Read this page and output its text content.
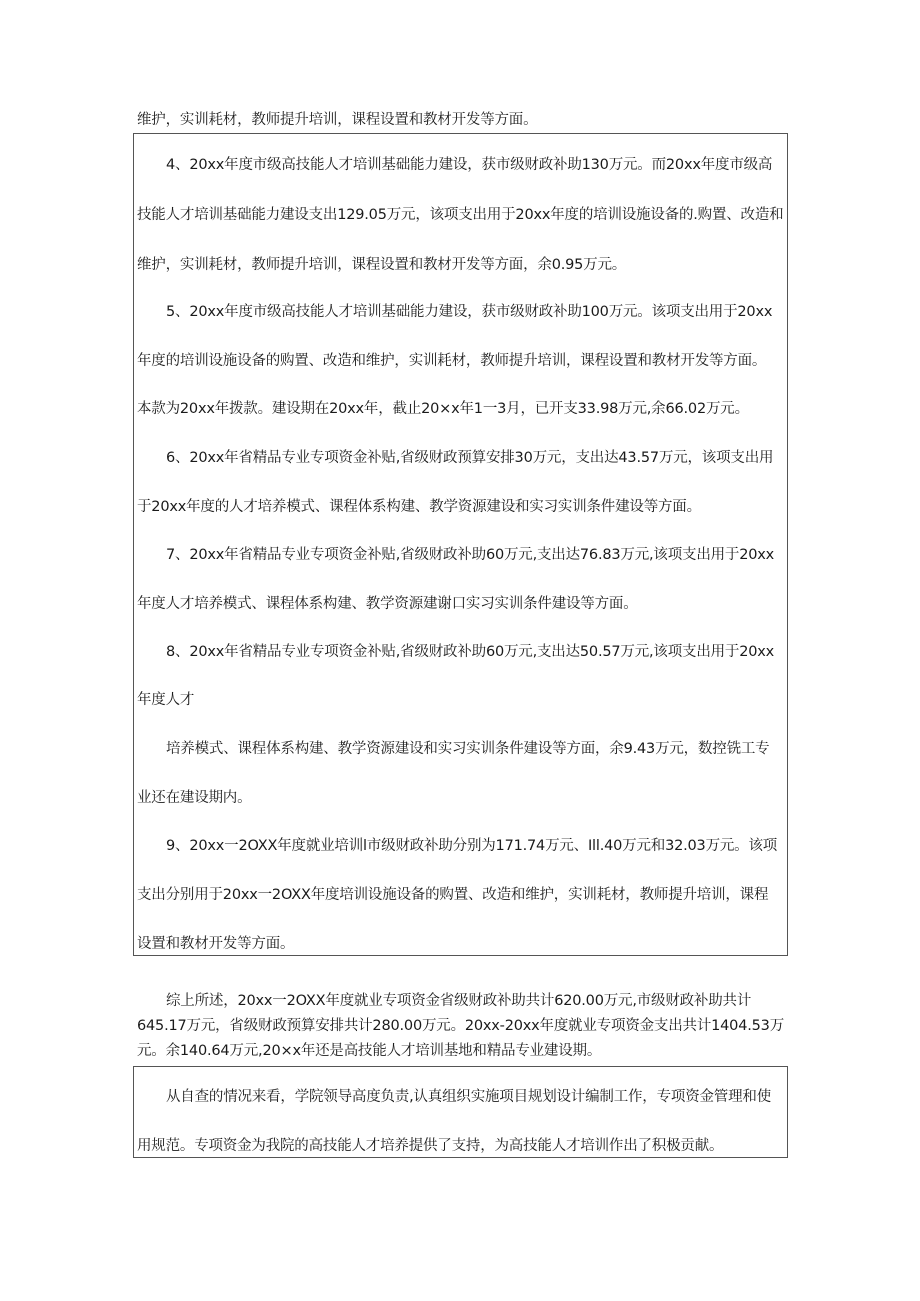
维护，实训耗材，教师提升培训，课程设置和教材开发等方面。
4、20xx年度市级高技能人才培训基础能力建设，获市级财政补助130万元。而20xx年度市级高
技能人才培训基础能力建设支出129.05万元，该项支出用于20xx年度的培训设施设备的.购置、改造和
维护，实训耗材，教师提升培训，课程设置和教材开发等方面，余0.95万元。
5、20xx年度市级高技能人才培训基础能力建设，获市级财政补助100万元。该项支出用于20xx
年度的培训设施设备的购置、改造和维护，实训耗材，教师提升培训，课程设置和教材开发等方面。
本款为20xx年拨款。建设期在20xx年，截止20×x年1一3月，已开支33.98万元,余66.02万元。
6、20xx年省精品专业专项资金补贴,省级财政预算安排30万元，支出达43.57万元，该项支出用
于20xx年度的人才培养模式、课程体系构建、教学资源建设和实习实训条件建设等方面。
7、20xx年省精品专业专项资金补贴,省级财政补助60万元,支出达76.83万元,该项支出用于20xx
年度人才培养模式、课程体系构建、教学资源建谢口实习实训条件建设等方面。
8、20xx年省精品专业专项资金补贴,省级财政补助60万元,支出达50.57万元,该项支出用于20xx
年度人才
培养模式、课程体系构建、教学资源建设和实习实训条件建设等方面，余9.43万元，数控铣工专
业还在建设期内。
9、20xx一2OXX年度就业培训l市级财政补助分别为171.74万元、Ill.40万元和32.03万元。该项
支出分别用于20xx一2OXX年度培训设施设备的购置、改造和维护，实训耗材，教师提升培训，课程
设置和教材开发等方面。
综上所述，20xx一2OXX年度就业专项资金省级财政补助共计620.00万元,市级财政补助共计
645.17万元，省级财政预算安排共计280.00万元。20xx-20xx年度就业专项资金支出共计1404.53万
元。余140.64万元,20×x年还是高技能人才培训基地和精品专业建设期。
从自查的情况来看，学院领导高度负责,认真组织实施项目规划设计编制工作，专项资金管理和使
用规范。专项资金为我院的高技能人才培养提供了支持，为高技能人才培训作出了积极贡献。
